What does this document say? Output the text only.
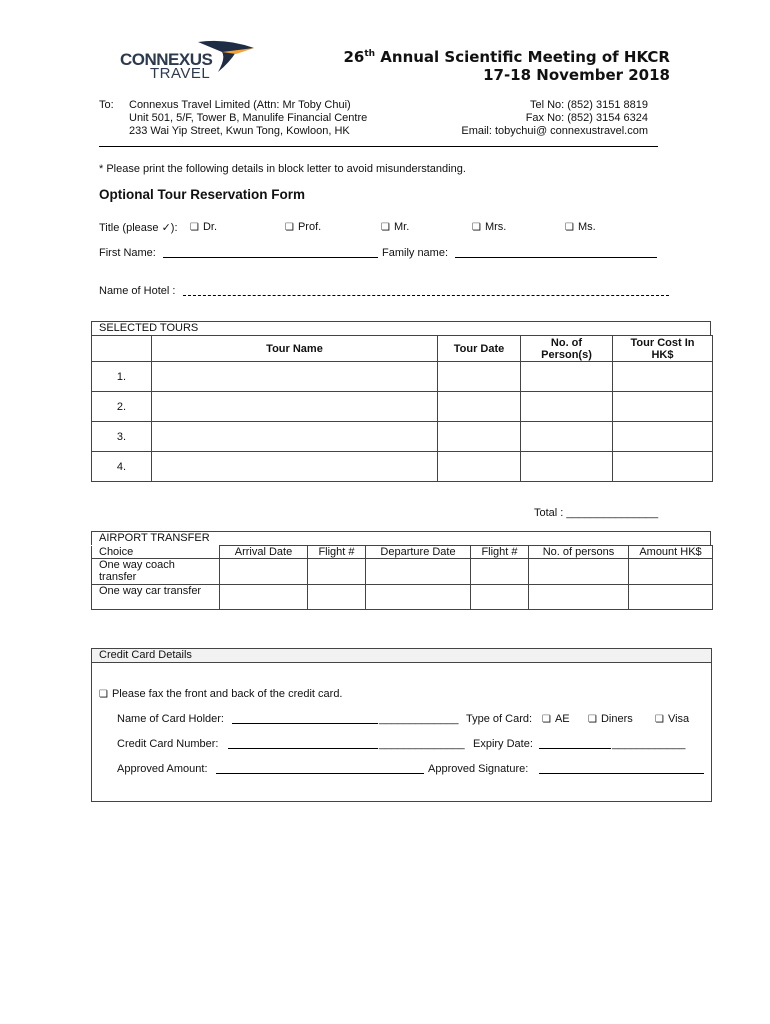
CONNEXUS
TRAVEL
26th Annual Scientific Meeting of HKCR
17-18 November 2018
To: Connexus Travel Limited (Attn: Mr Toby Chui)
Unit 501, 5/F, Tower B, Manulife Financial Centre
233 Wai Yip Street, Kwun Tong, Kowloon, HK
Tel No: (852) 3151 8819
Fax No: (852) 3154 6324
Email: tobychui@ connexustravel.com
* Please print the following details in block letter to avoid misunderstanding.
Optional Tour Reservation Form
Title (please ✓):	❏ Dr.	❏ Prof.	❏ Mr.	❏ Mrs.	❏ Ms.
First Name:	Family name:
Name of Hotel :
SELECTED TOURS
	Tour Name	Tour Date	No. of Person(s)	Tour Cost In HK$
1.				
2.				
3.				
4.				
Total : _______________
AIRPORT TRANSFER
Choice	Arrival Date	Flight #	Departure Date	Flight #	No. of persons	Amount HK$
One way coach transfer						
One way car transfer						
Credit Card Details
❏ Please fax the front and back of the credit card.
Name of Card Holder:	_____________ Type of Card:	❏ AE	❏ Diners	❏ Visa
Credit Card Number:	______________ Expiry Date:	____________
Approved Amount:	Approved Signature:
